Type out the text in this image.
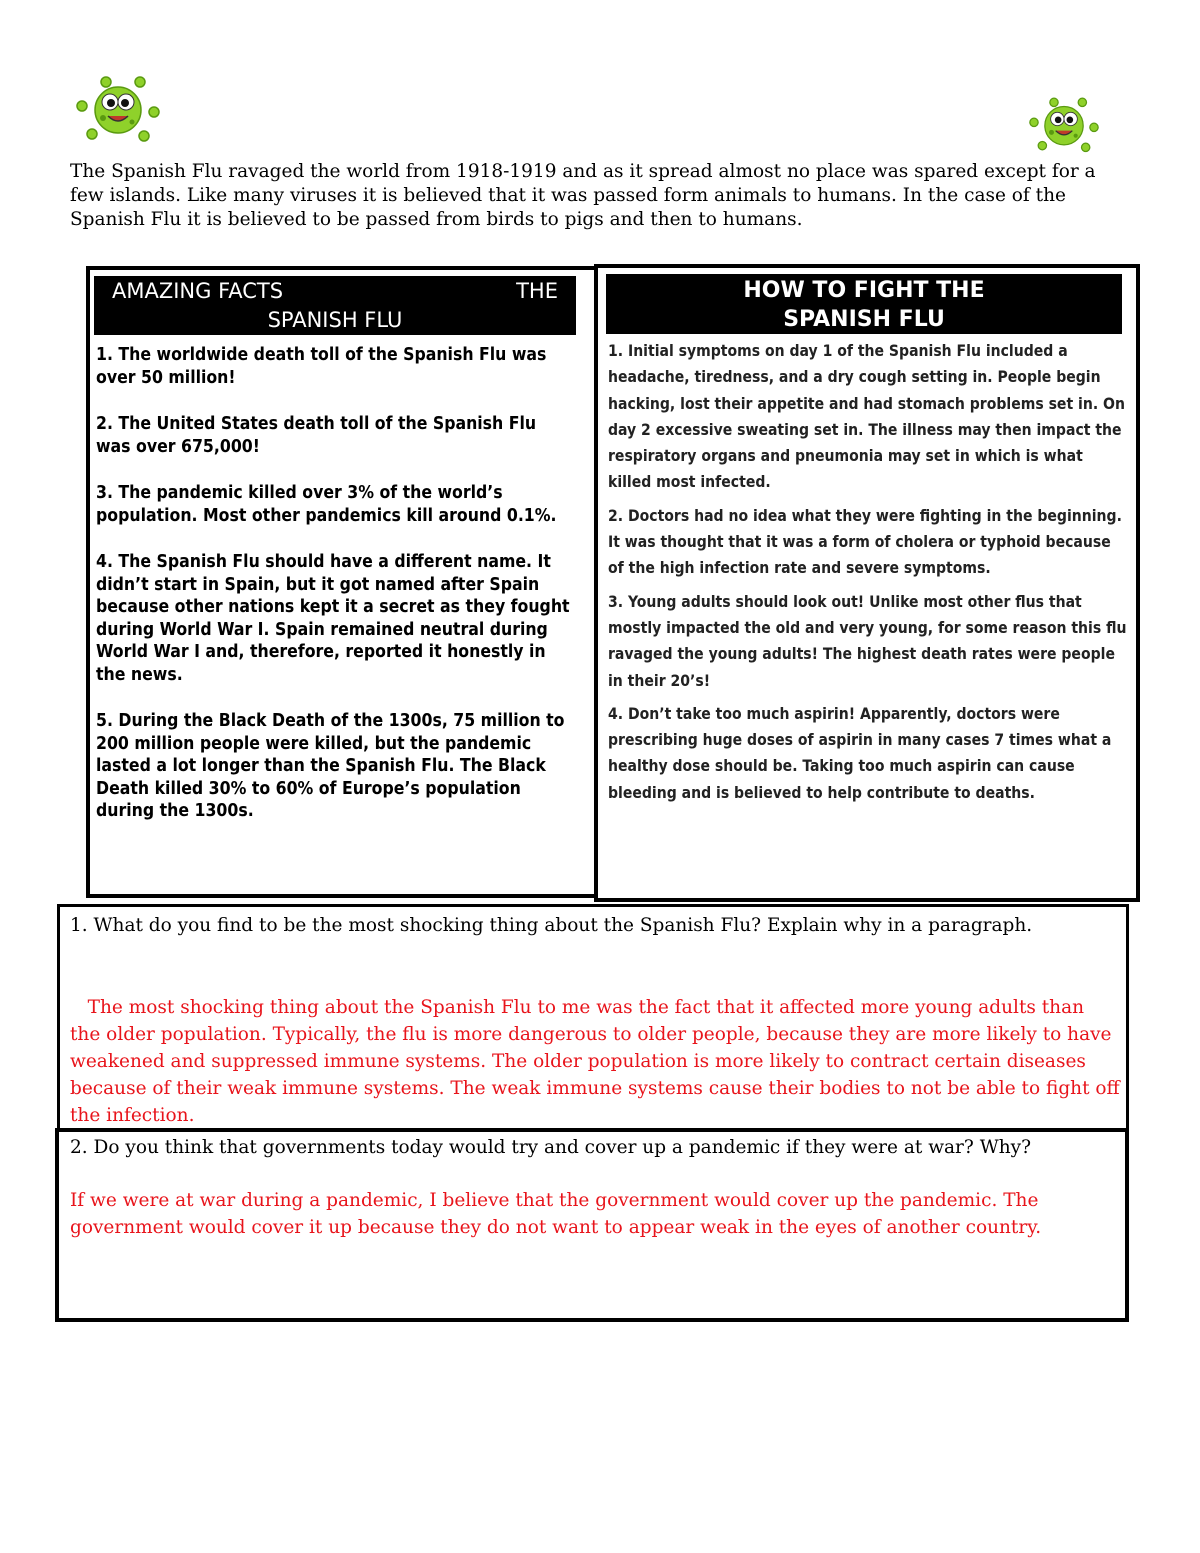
The Spanish Flu ravaged the world from 1918-1919 and as it spread almost no place was spared except for a few islands. Like many viruses it is believed that it was passed form animals to humans. In the case of the Spanish Flu it is believed to be passed from birds to pigs and then to humans.

AMAZING FACTS	THE
SPANISH FLU

1. The worldwide death toll of the Spanish Flu was over 50 million!

2. The United States death toll of the Spanish Flu was over 675,000!

3. The pandemic killed over 3% of the world’s population. Most other pandemics kill around 0.1%.

4. The Spanish Flu should have a different name. It didn’t start in Spain, but it got named after Spain because other nations kept it a secret as they fought during World War I. Spain remained neutral during World War I and, therefore, reported it honestly in the news.

5. During the Black Death of the 1300s, 75 million to 200 million people were killed, but the pandemic lasted a lot longer than the Spanish Flu. The Black Death killed 30% to 60% of Europe’s population during the 1300s.

HOW TO FIGHT THE
SPANISH FLU

1. Initial symptoms on day 1 of the Spanish Flu included a headache, tiredness, and a dry cough setting in. People begin hacking, lost their appetite and had stomach problems set in. On day 2 excessive sweating set in. The illness may then impact the respiratory organs and pneumonia may set in which is what killed most infected.

2. Doctors had no idea what they were fighting in the beginning. It was thought that it was a form of cholera or typhoid because of the high infection rate and severe symptoms.

3. Young adults should look out! Unlike most other flus that mostly impacted the old and very young, for some reason this flu ravaged the young adults! The highest death rates were people in their 20’s!

4. Don’t take too much aspirin! Apparently, doctors were prescribing huge doses of aspirin in many cases 7 times what a healthy dose should be. Taking too much aspirin can cause bleeding and is believed to help contribute to deaths.

1. What do you find to be the most shocking thing about the Spanish Flu? Explain why in a paragraph.

The most shocking thing about the Spanish Flu to me was the fact that it affected more young adults than the older population. Typically, the flu is more dangerous to older people, because they are more likely to have weakened and suppressed immune systems. The older population is more likely to contract certain diseases because of their weak immune systems. The weak immune systems cause their bodies to not be able to fight off the infection.

2. Do you think that governments today would try and cover up a pandemic if they were at war? Why?

If we were at war during a pandemic, I believe that the government would cover up the pandemic. The government would cover it up because they do not want to appear weak in the eyes of another country.
